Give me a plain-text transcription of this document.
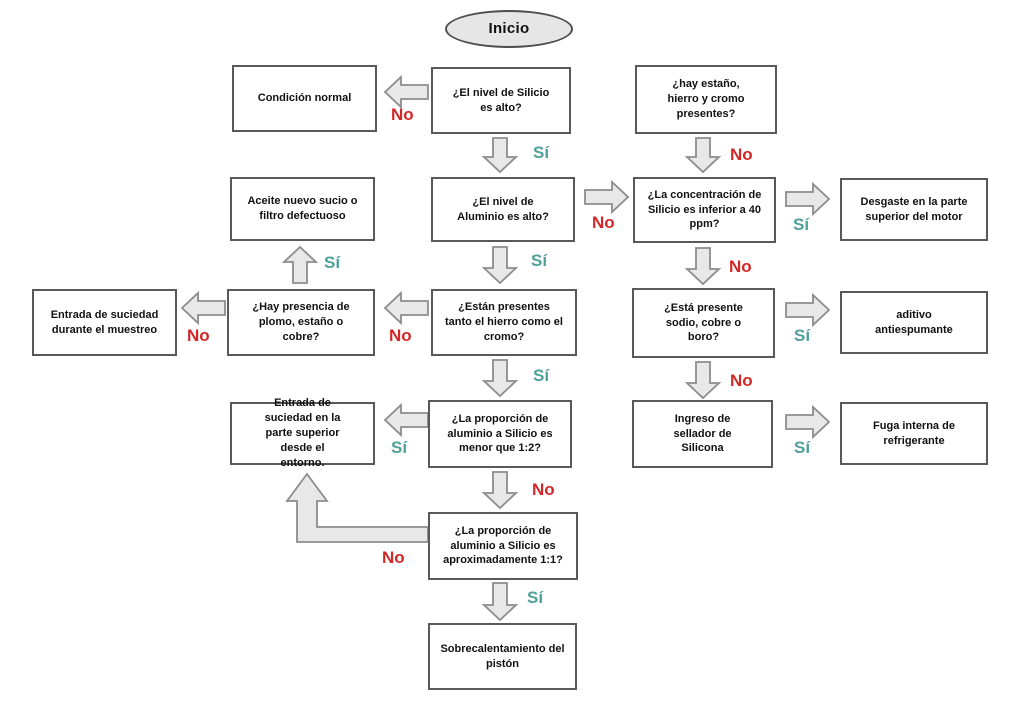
Inicio
Condición normal	¿El nivel de Silicio es alto?
¿hay estaño, hierro y cromo presentes?
Aceite nuevo sucio o filtro defectuoso
¿El nivel de Aluminio es alto?
¿La concentración de Silicio es inferior a 40 ppm?
Desgaste en la parte superior del motor
Entrada de suciedad durante el muestreo
¿Hay presencia de plomo, estaño o cobre?
¿Están presentes tanto el hierro como el cromo?
¿Está presente sodio, cobre o boro?
aditivo antiespumante
Entrada de suciedad en la parte superior desde el entorno.
¿La proporción de aluminio a Silicio es menor que 1:2?
Ingreso de sellador de Silicona
Fuga interna de refrigerante
¿La proporción de aluminio a Silicio es aproximadamente 1:1?
Sobrecalentamiento del pistón
No
Sí	No
No	Sí
Sí	Sí	No
No	No	Sí
Sí	No
Sí	Sí
No
No
Sí
